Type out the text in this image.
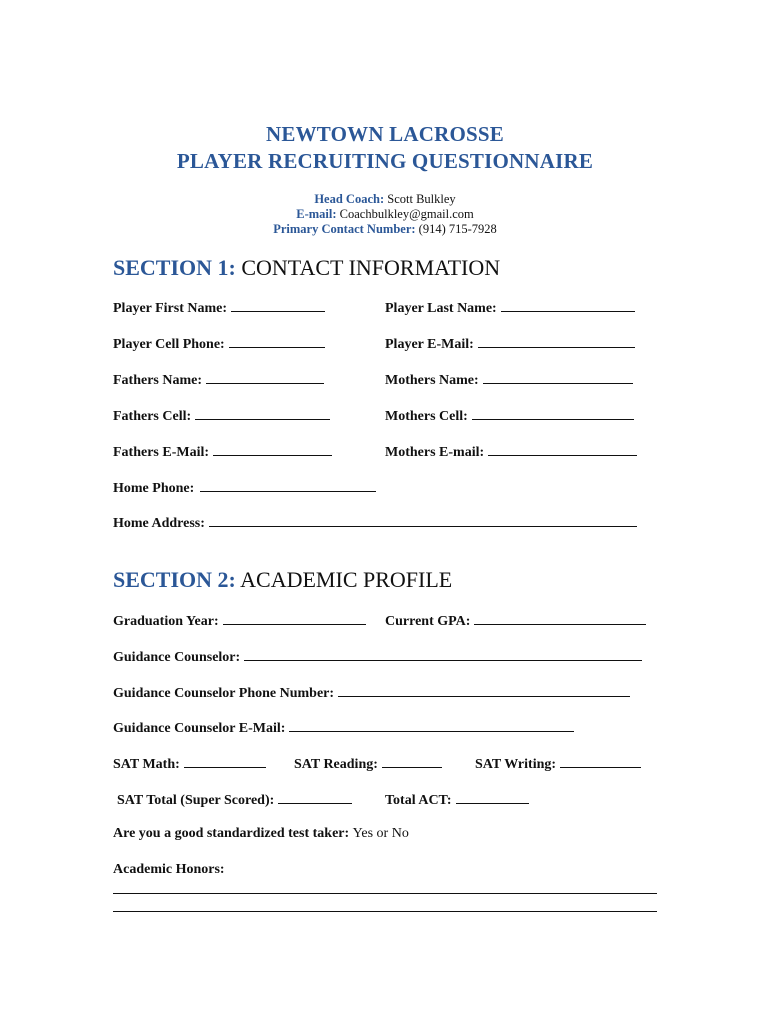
NEWTOWN LACROSSE
PLAYER RECRUITING QUESTIONNAIRE
Head Coach: Scott Bulkley
E-mail: Coachbulkley@gmail.com
Primary Contact Number: (914) 715-7928
SECTION 1: CONTACT INFORMATION
Player First Name:	Player Last Name:
Player Cell Phone:	Player E-Mail:
Fathers Name:	Mothers Name:
Fathers Cell:	Mothers Cell:
Fathers E-Mail:	Mothers E-mail:
Home Phone:
Home Address:
SECTION 2: ACADEMIC PROFILE
Graduation Year:	Current GPA:
Guidance Counselor:
Guidance Counselor Phone Number:
Guidance Counselor E-Mail:
SAT Math:	SAT Reading:	SAT Writing:
SAT Total (Super Scored):	Total ACT:
Are you a good standardized test taker: Yes or No
Academic Honors:
